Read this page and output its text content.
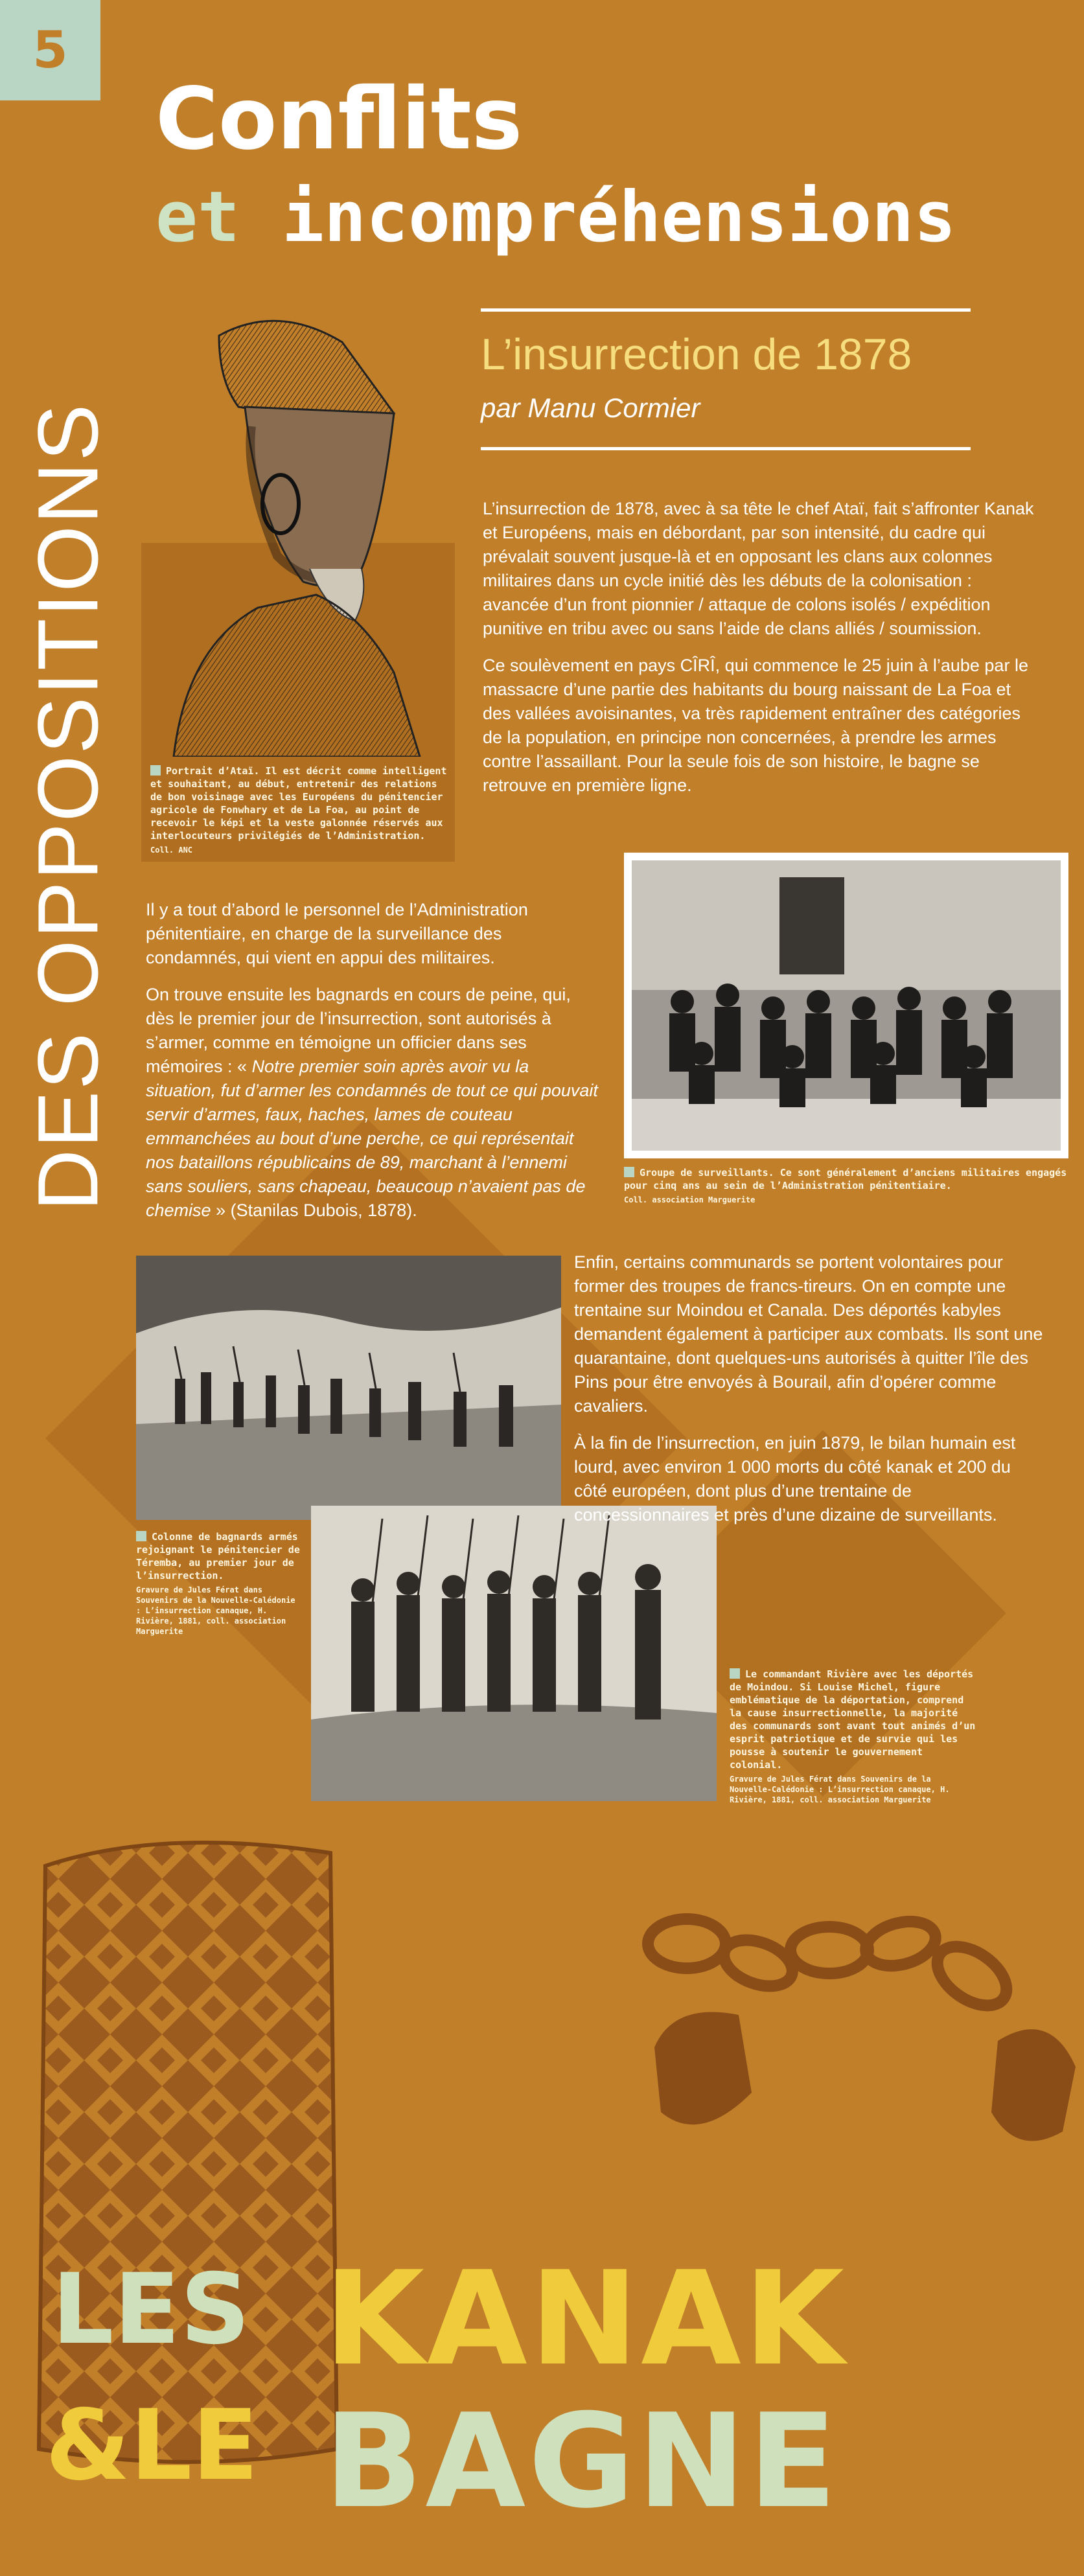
5
Conflits
et incompréhensions
DES OPPOSITIONS	Portrait d’Ataï. Il est décrit comme intelligent et souhaitant, au début, entretenir des relations de bon voisinage avec les Européens du pénitencier agricole de Fonwhary et de La Foa, au point de recevoir le képi et la veste galonnée réservés aux interlocuteurs privilégiés de l’Administration.
Coll. ANC
L’insurrection de 1878
par Manu Cormier

L’insurrection de 1878, avec à sa tête le chef Ataï, fait s’affronter Kanak et Européens, mais en débordant, par son intensité, du cadre qui prévalait souvent jusque-là et en opposant les clans aux colonnes militaires dans un cycle initié dès les débuts de la colonisation : avancée d’un front pionnier / attaque de colons isolés / expédition punitive en tribu avec ou sans l’aide de clans alliés / soumission.

Ce soulèvement en pays CÎRÎ, qui commence le 25 juin à l’aube par le massacre d’une partie des habitants du bourg naissant de La Foa et des vallées avoisinantes, va très rapidement entraîner des catégories de la population, en principe non concernées, à prendre les armes contre l’assaillant. Pour la seule fois de son histoire, le bagne se retrouve en première ligne.

Groupe de surveillants. Ce sont généralement d’anciens militaires engagés pour cinq ans au sein de l’Administration pénitentiaire.
Coll. association Marguerite

Il y a tout d’abord le personnel de l’Administration pénitentiaire, en charge de la surveillance des condamnés, qui vient en appui des militaires.

On trouve ensuite les bagnards en cours de peine, qui, dès le premier jour de l’insurrection, sont autorisés à s’armer, comme en témoigne un officier dans ses mémoires : « Notre premier soin après avoir vu la situation, fut d’armer les condamnés de tout ce qui pouvait servir d’armes, faux, haches, lames de couteau emmanchées au bout d’une perche, ce qui représentait nos bataillons républicains de 89, marchant à l’ennemi sans souliers, sans chapeau, beaucoup n’avaient pas de chemise » (Stanilas Dubois, 1878).

Colonne de bagnards armés rejoignant le pénitencier de Téremba, au premier jour de l’insurrection.
Gravure de Jules Férat dans Souvenirs de la Nouvelle-Calédonie : L’insurrection canaque, H. Rivière, 1881, coll. association Marguerite
Le commandant Rivière avec les déportés de Moindou. Si Louise Michel, figure emblématique de la déportation, comprend la cause insurrectionnelle, la majorité des communards sont avant tout animés d’un esprit patriotique et de survie qui les pousse à soutenir le gouvernement colonial.
Gravure de Jules Férat dans Souvenirs de la Nouvelle-Calédonie : L’insurrection canaque, H. Rivière, 1881, coll. association Marguerite

Enfin, certains communards se portent volontaires pour former des troupes de francs-tireurs. On en compte une trentaine sur Moindou et Canala. Des déportés kabyles demandent également à participer aux combats. Ils sont une quarantaine, dont quelques-uns autorisés à quitter l’île des Pins pour être envoyés à Bourail, afin d’opérer comme cavaliers.

À la fin de l’insurrection, en juin 1879, le bilan humain est lourd, avec environ 1 000 morts du côté kanak et 200 du côté européen, dont plus d’une trentaine de concessionnaires et près d’une dizaine de surveillants.

LES KANAK
&LE BAGNE
